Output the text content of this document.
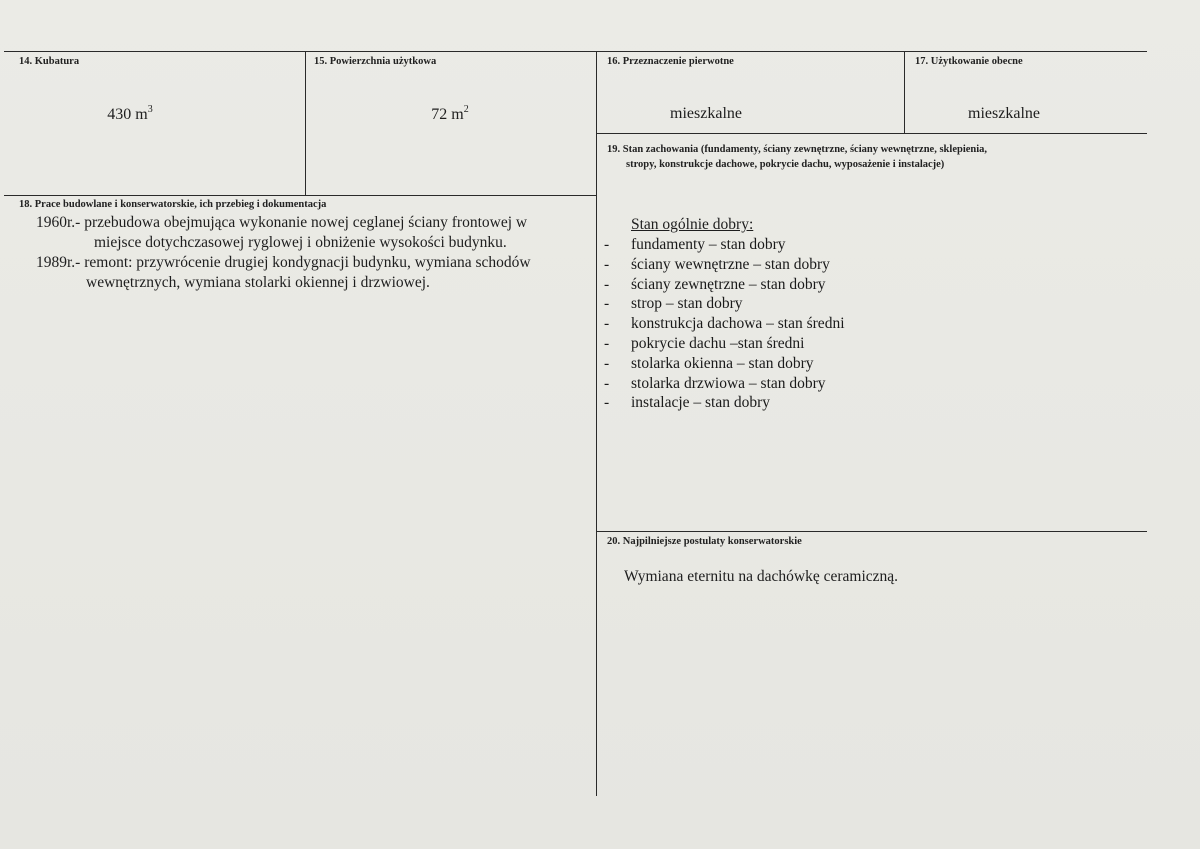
14. Kubatura
430 $m^3$
15. Powierzchnia użytkowa
72 $m^2$
16. Przeznaczenie pierwotne
mieszkalne
17. Użytkowanie obecne
mieszkalne
19. Stan zachowania (fundamenty, ściany zewnętrzne, ściany wewnętrzne, sklepienia,
stropy, konstrukcje dachowe, pokrycie dachu, wyposażenie i instalacje)
Stan ogólnie dobry:
- fundamenty – stan dobry
- ściany wewnętrzne – stan dobry
- ściany zewnętrzne – stan dobry
- strop – stan dobry
- konstrukcja dachowa – stan średni
- pokrycie dachu –stan średni
- stolarka okienna – stan dobry
- stolarka drzwiowa – stan dobry
- instalacje – stan dobry
18. Prace budowlane i konserwatorskie, ich przebieg i dokumentacja
1960r.- przebudowa obejmująca wykonanie nowej ceglanej ściany frontowej w
miejsce dotychczasowej ryglowej i obniżenie wysokości budynku.
1989r.- remont: przywrócenie drugiej kondygnacji budynku, wymiana schodów
wewnętrznych, wymiana stolarki okiennej i drzwiowej.
20. Najpilniejsze postulaty konserwatorskie
Wymiana eternitu na dachówkę ceramiczną.
